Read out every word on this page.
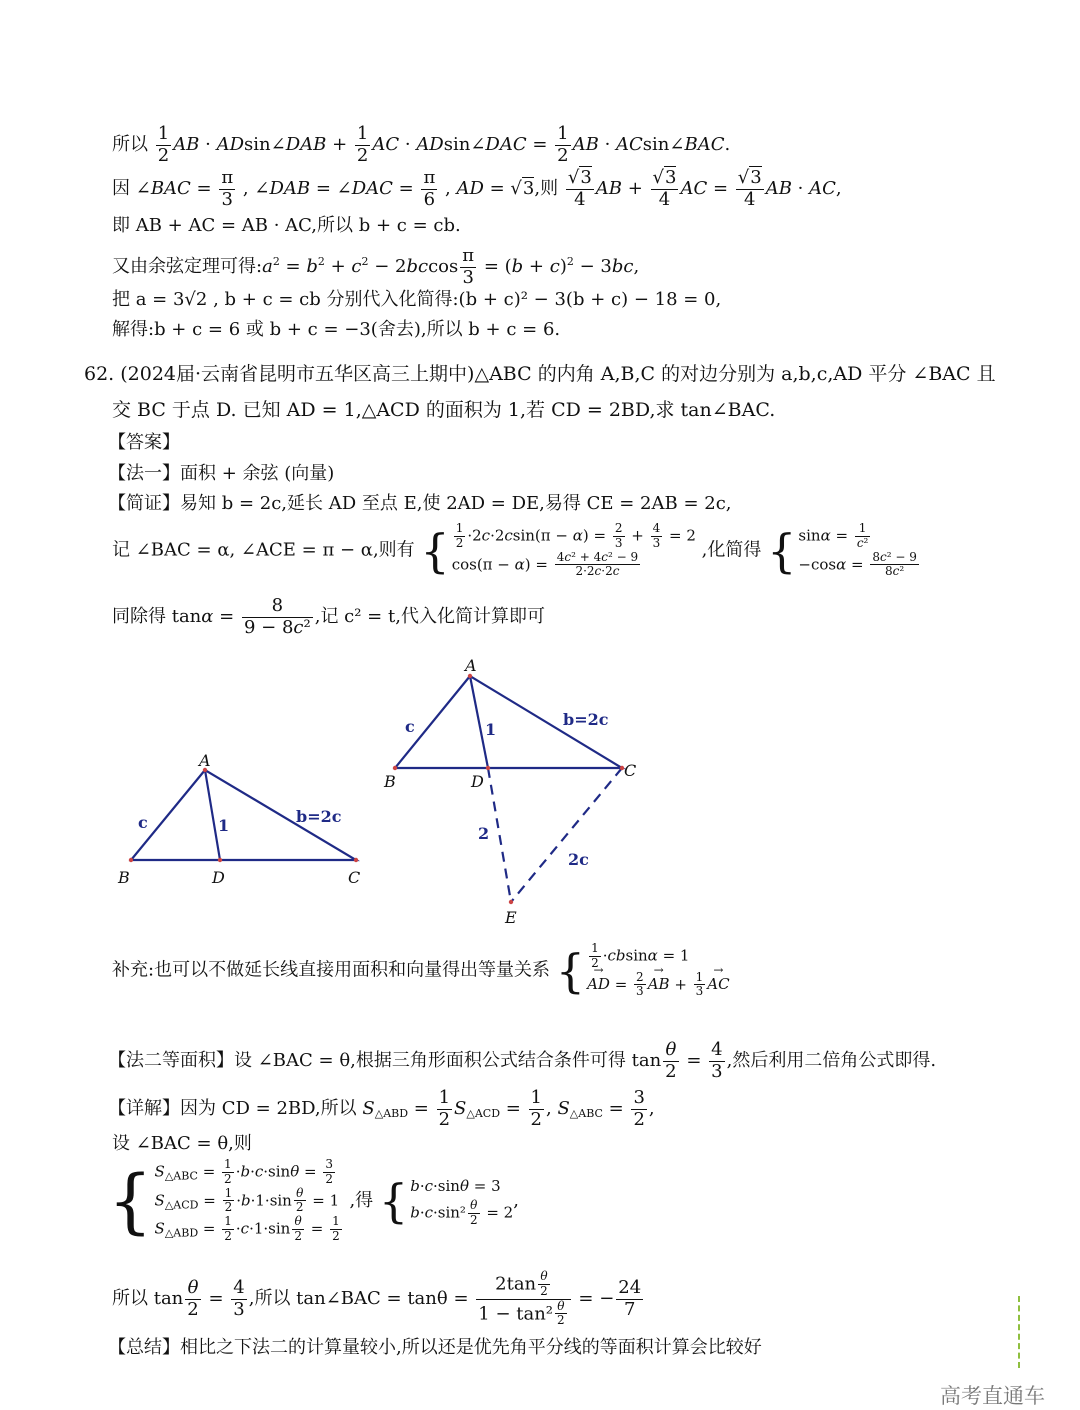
所以 $\frac{1}{2}$ AB · ADsin∠DAB + $\frac{1}{2}$ AC · ADsin∠DAC = $\frac{1}{2}$ AB · ACsin∠BAC.
因 ∠BAC = $\frac{\pi}{3}$ , ∠DAB = ∠DAC = $\frac{\pi}{6}$ , AD = √3,则 $\frac{√3}{4}$ AB + $\frac{√3}{4}$ AC = $\frac{√3}{4}$ AB · AC,
即 AB + AC = AB · AC,所以 b + c = cb.
又由余弦定理可得$:a^2 = b^2 + c^2 - 2bccos \frac{\pi}{3} = (b + c)^2 - 3bc$,
把 a = 3√2 , b + c = cb 分别代入化简得:(b + c)² − 3(b + c) − 18 = 0,
解得:b + c = 6 或 b + c = −3(舍去),所以 b + c = 6.
62. (2024届·云南省昆明市五华区高三上期中)△ABC 的内角 A,B,C 的对边分别为 a,b,c,AD 平分 ∠BAC 且
交 BC 于点 D. 已知 AD = 1,△ACD 的面积为 1,若 CD = 2BD,求 tan∠BAC.
【答案】
【法一】面积 + 余弦 (向量)
【简证】易知 b = 2c,延长 AD 至点 E,使 2AD = DE,易得 CE = 2AB = 2c,
记 ∠BAC = α, ∠ACE = π − α,则有 { $\frac{1}{2} \cdot 2c\cdot 2csin(\pi - \alpha) = \frac{2}{3} + \frac{4}{3} = 2$
$\cos(\pi - \alpha) = \frac{\text{4c² + 4c² − 9}}{2\cdot 2c\cdot 2c}$
,化简得 {$\sin\alpha = \frac{1}{\text{c²}}$

$-\cos\alpha = \frac{\text{8c² − 9}}{\text{8c²}}$
同除得 $\tan\alpha = \frac{8}{\text{9 − 8c²}}$ ,记 c² = t,代入化简计算即可
A
B	D	C
A
B	D
C
E
c	1	b=2c
c	1
b=2c
2
2c
补充:也可以不做延长线直接用面积和向量得出等量关系 { $\frac{1}{2} \cdot cbsin\alpha = 1$
→ AD = $\frac{2}{3}$ → AB + $\frac{1}{3}$ → AC
【法二等面积】设 ∠BAC = θ,根据三角形面积公式结合条件可得 $\tan \frac{\theta}{2} = \frac{4}{3}$ ,然后利用二倍角公式即得.
【详解】因为 CD = 2BD,所以 $S_{\triangle ABD} = \frac{1}{2} S_{\triangle ACD} = \frac{1}{2}$ , $S_{\triangle ABC} = \frac{3}{2}$ ,
设 ∠BAC = θ,则
{ $S_{\triangle ABC} = \frac{1}{2} \cdot b\cdot c\cdot\sin\theta = \frac{3}{2}$

$S_{\triangle ACD} = \frac{1}{2} \cdot b\cdot 1\cdot\sin \frac{\theta}{2} = 1$
$S_{\triangle ABD} = \frac{1}{2} \cdot c\cdot 1\cdot\sin \frac{\theta}{2} = \frac{1}{2}$
,得 { b·c·sinθ = 3
$b\cdot c\cdot\sin^2 \frac{\theta}{2} = 2$,
所以 $\tan \frac{\theta}{2} = \frac{4}{3}$ ,所以 tan∠BAC = $\tan\theta = \frac{2\tan \frac{\theta}{2}}{1 - \tan^2 \frac{\theta}{2}}$ = − $\frac{24}{7}$
【总结】相比之下法二的计算量较小,所以还是优先角平分线的等面积计算会比较好
高考直通车
